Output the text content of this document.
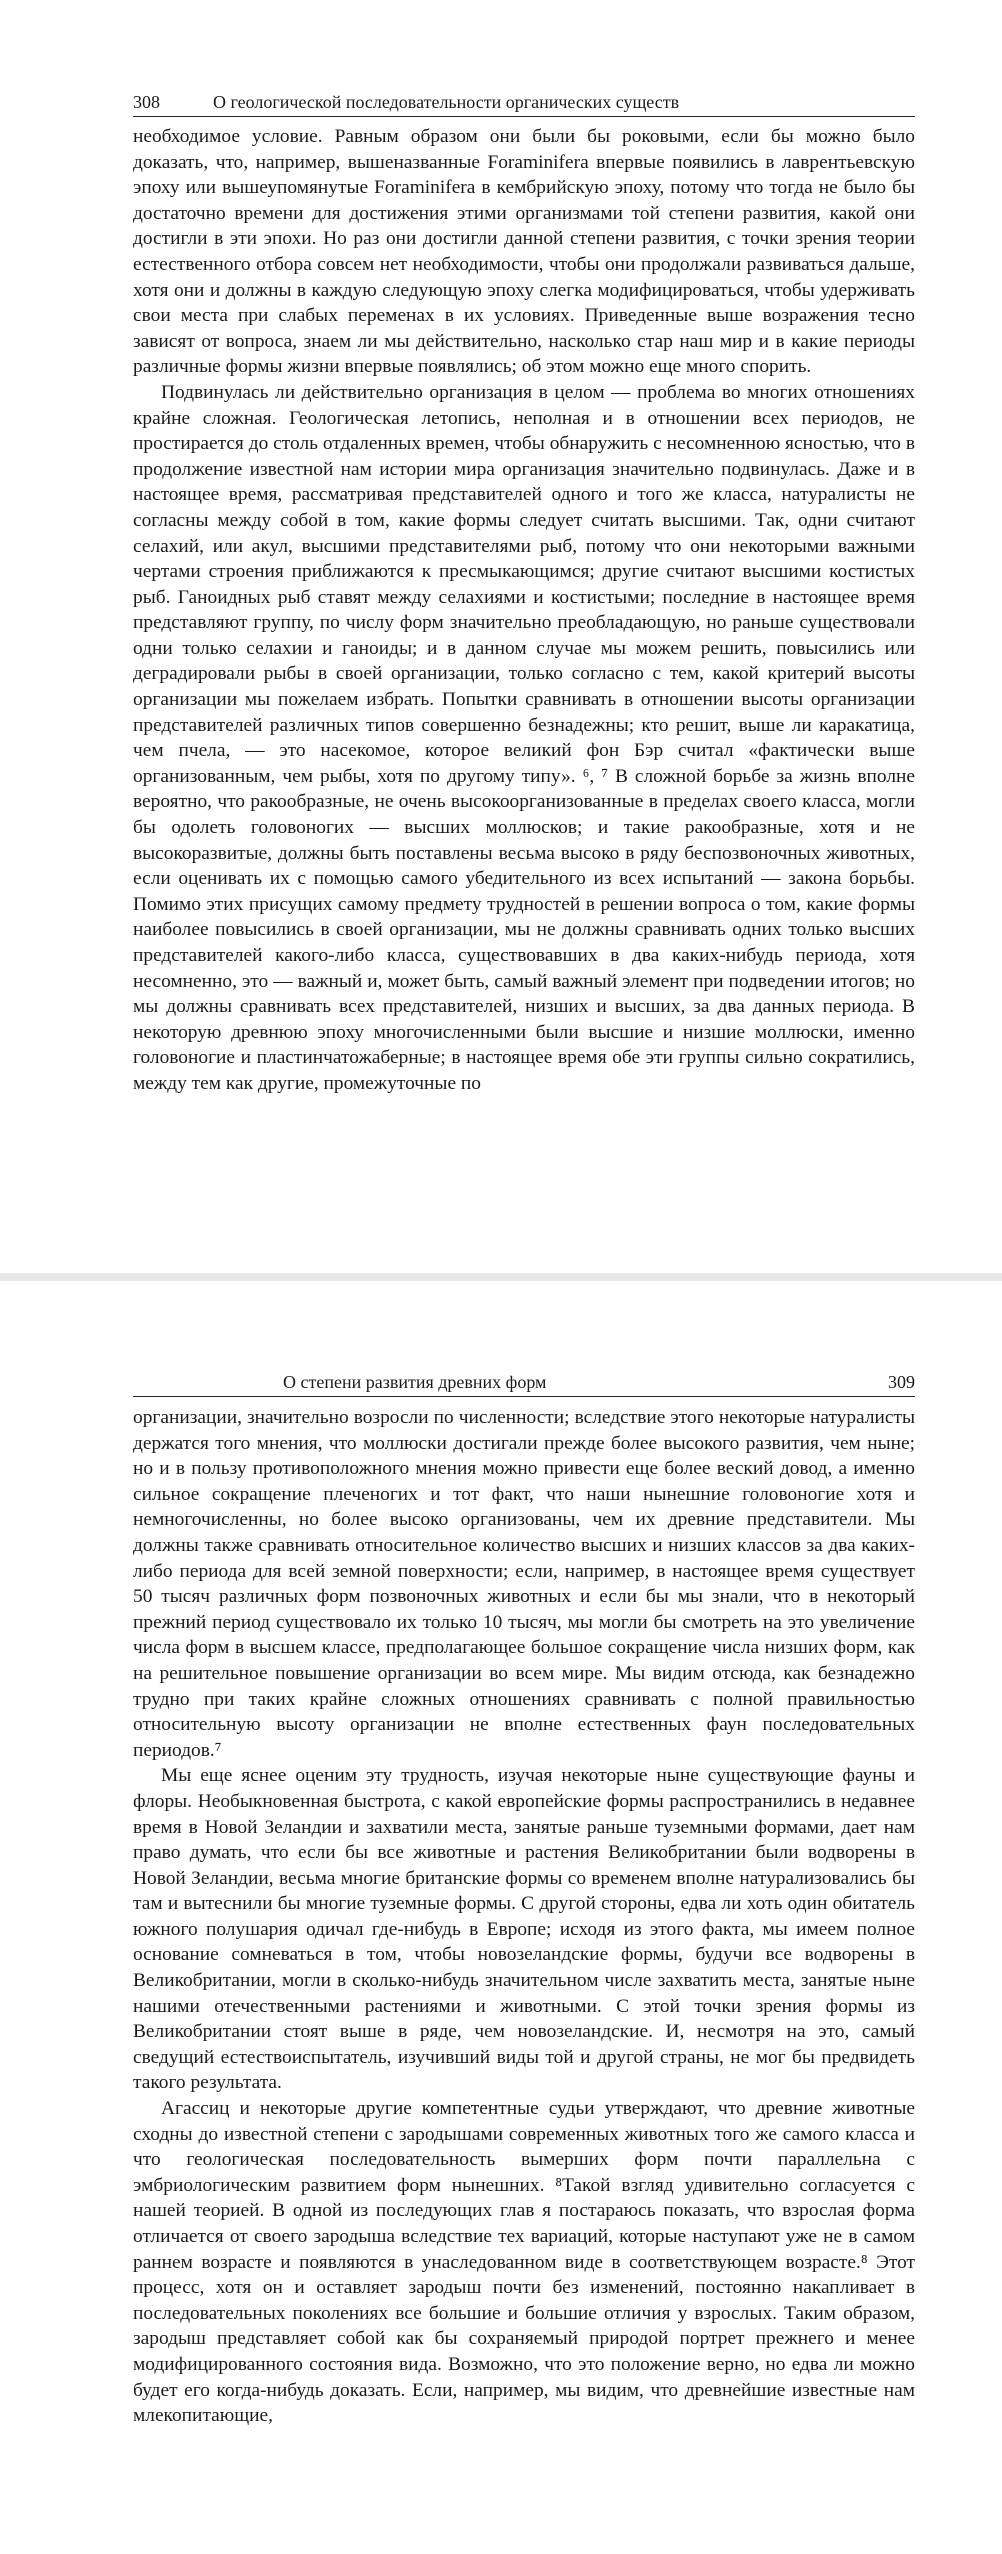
308	О геологической последовательности органических существ

необходимое условие. Равным образом они были бы роковыми, если бы можно было доказать, что, например, вышеназванные Foraminifera впервые появились в лаврентьевскую эпоху или вышеупомянутые Foraminifera в кембрийскую эпоху, потому что тогда не было бы достаточно времени для достижения этими организмами той степени развития, какой они достигли в эти эпохи. Но раз они достигли данной степени развития, с точки зрения теории естественного отбора совсем нет необходимости, чтобы они продолжали развиваться дальше, хотя они и должны в каждую следующую эпоху слегка модифицироваться, чтобы удерживать свои места при слабых переменах в их условиях. Приведенные выше возражения тесно зависят от вопроса, знаем ли мы действительно, насколько стар наш мир и в какие периоды различные формы жизни впервые появлялись; об этом можно еще много спорить.

Подвинулась ли действительно организация в целом — проблема во многих отношениях крайне сложная. Геологическая летопись, неполная и в отношении всех периодов, не простирается до столь отдаленных времен, чтобы обнаружить с несомненною ясностью, что в продолжение известной нам истории мира организация значительно подвинулась. Даже и в настоящее время, рассматривая представителей одного и того же класса, натуралисты не согласны между собой в том, какие формы следует считать высшими. Так, одни считают селахий, или акул, высшими представителями рыб, потому что они некоторыми важными чертами строения приближаются к пресмыкающимся; другие считают высшими костистых рыб. Ганоидных рыб ставят между селахиями и костистыми; последние в настоящее время представляют группу, по числу форм значительно преобладающую, но раньше существовали одни только селахии и ганоиды; и в данном случае мы можем решить, повысились или деградировали рыбы в своей организации, только согласно с тем, какой критерий высоты организации мы пожелаем избрать. Попытки сравнивать в отношении высоты организации представителей различных типов совершенно безнадежны; кто решит, выше ли каракатица, чем пчела, — это насекомое, которое великий фон Бэр считал «фактически выше организованным, чем рыбы, хотя по другому типу». ⁶, ⁷ В сложной борьбе за жизнь вполне вероятно, что ракообразные, не очень высокоорганизованные в пределах своего класса, могли бы одолеть головоногих — высших моллюсков; и такие ракообразные, хотя и не высокоразвитые, должны быть поставлены весьма высоко в ряду беспозвоночных животных, если оценивать их с помощью самого убедительного из всех испытаний — закона борьбы. Помимо этих присущих самому предмету трудностей в решении вопроса о том, какие формы наиболее повысились в своей организации, мы не должны сравнивать одних только высших представителей какого-либо класса, существовавших в два каких-нибудь периода, хотя несомненно, это — важный и, может быть, самый важный элемент при подведении итогов; но мы должны сравнивать всех представителей, низших и высших, за два данных периода. В некоторую древнюю эпоху многочисленными были высшие и низшие моллюски, именно головоногие и пластинчатожаберные; в настоящее время обе эти группы сильно сократились, между тем как другие, промежуточные по

О степени развития древних форм	309

организации, значительно возросли по численности; вследствие этого некоторые натуралисты держатся того мнения, что моллюски достигали прежде более высокого развития, чем ныне; но и в пользу противоположного мнения можно привести еще более веский довод, а именно сильное сокращение плеченогих и тот факт, что наши нынешние головоногие хотя и немногочисленны, но более высоко организованы, чем их древние представители. Мы должны также сравнивать относительное количество высших и низших классов за два каких-либо периода для всей земной поверхности; если, например, в настоящее время существует 50 тысяч различных форм позвоночных животных и если бы мы знали, что в некоторый прежний период существовало их только 10 тысяч, мы могли бы смотреть на это увеличение числа форм в высшем классе, предполагающее большое сокращение числа низших форм, как на решительное повышение организации во всем мире. Мы видим отсюда, как безнадежно трудно при таких крайне сложных отношениях сравнивать с полной правильностью относительную высоту организации не вполне естественных фаун последовательных периодов.⁷

Мы еще яснее оценим эту трудность, изучая некоторые ныне существующие фауны и флоры. Необыкновенная быстрота, с какой европейские формы распространились в недавнее время в Новой Зеландии и захватили места, занятые раньше туземными формами, дает нам право думать, что если бы все животные и растения Великобритании были водворены в Новой Зеландии, весьма многие британские формы со временем вполне натурализовались бы там и вытеснили бы многие туземные формы. С другой стороны, едва ли хоть один обитатель южного полушария одичал где-нибудь в Европе; исходя из этого факта, мы имеем полное основание сомневаться в том, чтобы новозеландские формы, будучи все водворены в Великобритании, могли в сколько-нибудь значительном числе захватить места, занятые ныне нашими отечественными растениями и животными. С этой точки зрения формы из Великобритании стоят выше в ряде, чем новозеландские. И, несмотря на это, самый сведущий естествоиспытатель, изучивший виды той и другой страны, не мог бы предвидеть такого результата.

Агассиц и некоторые другие компетентные судьи утверждают, что древние животные сходны до известной степени с зародышами современных животных того же самого класса и что геологическая последовательность вымерших форм почти параллельна с эмбриологическим развитием форм нынешних. ⁸Такой взгляд удивительно согласуется с нашей теорией. В одной из последующих глав я постараюсь показать, что взрослая форма отличается от своего зародыша вследствие тех вариаций, которые наступают уже не в самом раннем возрасте и появляются в унаследованном виде в соответствующем возрасте.⁸ Этот процесс, хотя он и оставляет зародыш почти без изменений, постоянно накапливает в последовательных поколениях все большие и большие отличия у взрослых. Таким образом, зародыш представляет собой как бы сохраняемый природой портрет прежнего и менее модифицированного состояния вида. Возможно, что это положение верно, но едва ли можно будет его когда-нибудь доказать. Если, например, мы видим, что древнейшие известные нам млекопитающие,
